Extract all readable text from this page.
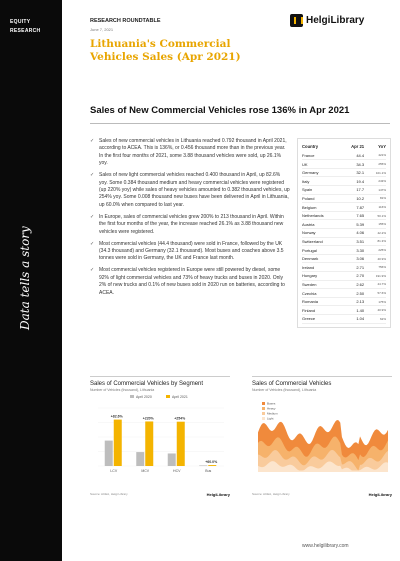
EQUITY
RESEARCH
Data tells a story
RESEARCH ROUNDTABLE
June 7, 2021
Lithuania's Commercial Vehicles Sales (Apr 2021)
HelgiLibrary
Sales of New Commercial Vehicles rose 136% in Apr 2021
✓ Sales of new commercial vehicles in Lithuania reached 0.792 thousand in April 2021, according to ACEA. This is 136%, or 0.456 thousand more than in the previous year. In the first four months of 2021, some 3.88 thousand vehicles were sold, up 26.1% yoy.
✓ Sales of new light commercial vehicles reached 0.400 thousand in April, up 82.6% yoy. Some 0.384 thousand medium and heavy commercial vehicles were registered (up 220% yoy) while sales of heavy vehicles amounted to 0.382 thousand vehicles, up 254% yoy. Some 0.008 thousand new buses have been delivered in April in Lithuania, up 60.0% when compared to last year.
✓ In Europe, sales of commercial vehicles grew 200% to 213 thousand in April. Within the first four months of the year, the increase reached 26.1% as 3.88 thousand new vehicles were registered.
✓ Most commercial vehicles (44.4 thousand) were sold in France, followed by the UK (34.3 thousand) and Germany (32.1 thousand). Most buses and coaches above 3.5 tonnes were sold in Germany, the UK and France last month.
✓ Most commercial vehicles registered in Europe were still powered by diesel, some 92% of light commercial vehicles and 73% of heavy trucks and buses in 2020. Only 2% of new trucks and 0.1% of new buses sold in 2020 run on batteries, according to ACEA.
Country	Apr 21	YoY
France	44.4	421%
UK	34.3	255%
Germany	32.1	101.1%
Italy	19.4	243%
Spain	17.7	147%
Poland	10.2	81%
Belgium	7.87	116%
Netherlands	7.65	50.1%
Austria	5.39	155%
Norway	4.06	42.2%
Switzerland	3.51	81.3%
Portugal	3.30	225%
Denmark	3.06	40.9%
Ireland	2.71	756%
Hungary	2.70	191.9%
Sweden	2.62	44.7%
Czechia	2.50	57.6%
Romania	2.13	175%
Finland	1.40	40.9%
Greece	1.04	62%
Sales of Commercial Vehicles by Segment
Number of Vehicles (thousand), Lithuania
April 2020	April 2021
+82.6%
LCV
+220%
MCV
+254%
HCV
+60.0%
Bus
Source: ACEA, Helgi Library	HelgiLibrary
Sales of Commercial Vehicles
Number of Vehicles (thousand), Lithuania
Buses
Heavy
Medium
Light
Source: ACEA, Helgi Library	HelgiLibrary
www.helgilibrary.com
